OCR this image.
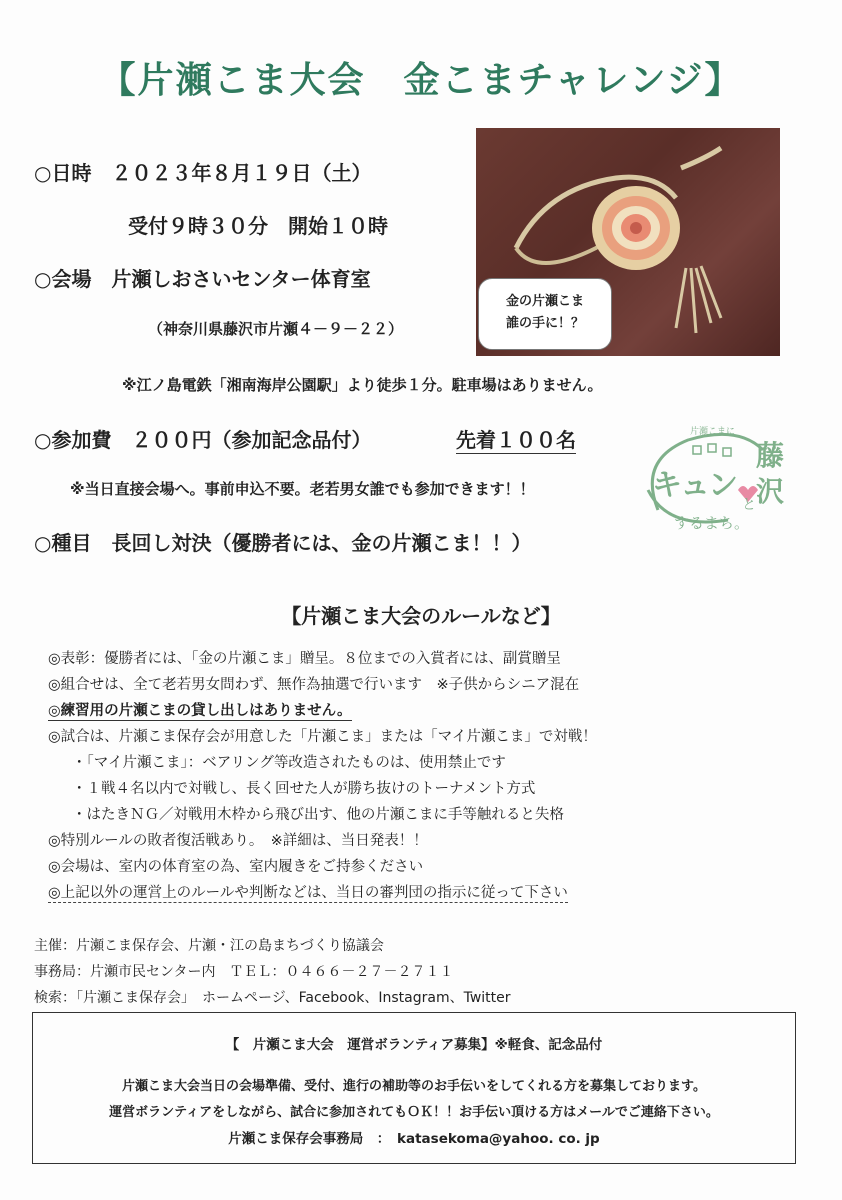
【片瀬こま大会　金こまチャレンジ】
○日時　２０２３年８月１９日（土）
受付９時３０分　開始１０時
○会場　片瀬しおさいセンター体育室
（神奈川県藤沢市片瀬４－９－２２）
※江ノ島電鉄「湘南海岸公園駅」より徒歩１分。駐車場はありません。
○参加費　２００円（参加記念品付）	先着１００名
※当日直接会場へ。事前申込不要。老若男女誰でも参加できます！！
○種目　長回し対決（優勝者には、金の片瀬こま！！）
金の片瀬こま
誰の手に！？
片瀬こまに
キュン
藤
沢
と
するまち。
【片瀬こま大会のルールなど】
◎表彰：優勝者には、「金の片瀬こま」贈呈。８位までの入賞者には、副賞贈呈
◎組合せは、全て老若男女問わず、無作為抽選で行います　※子供からシニア混在
◎練習用の片瀬こまの貸し出しはありません。
◎試合は、片瀬こま保存会が用意した「片瀬こま」または「マイ片瀬こま」で対戦！
・「マイ片瀬こま」：ベアリング等改造されたものは、使用禁止です
・１戦４名以内で対戦し、長く回せた人が勝ち抜けのトーナメント方式
・はたきＮＧ／対戦用木枠から飛び出す、他の片瀬こまに手等触れると失格
◎特別ルールの敗者復活戦あり。　※詳細は、当日発表！！
◎会場は、室内の体育室の為、室内履きをご持参ください
◎上記以外の運営上のルールや判断などは、当日の審判団の指示に従って下さい
主催：片瀬こま保存会、片瀬・江の島まちづくり協議会
事務局：片瀬市民センター内　ＴＥＬ：０４６６－２７－２７１１
検索：「片瀬こま保存会」　ホームページ、Facebook、Instagram、Twitter
【　片瀬こま大会　運営ボランティア募集】※軽食、記念品付
片瀬こま大会当日の会場準備、受付、進行の補助等のお手伝いをしてくれる方を募集しております。
運営ボランティアをしながら、試合に参加されてもＯＫ！！お手伝い頂ける方はメールでご連絡下さい。
片瀬こま保存会事務局　：　katasekoma@yahoo. co. jp
